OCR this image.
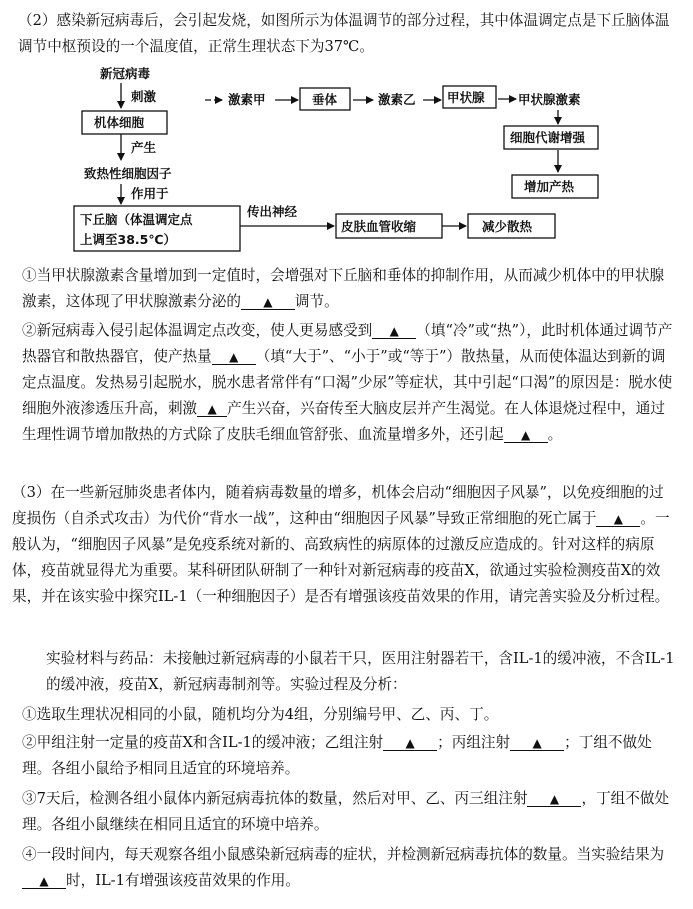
（2）感染新冠病毒后，会引起发烧，如图所示为体温调节的部分过程，其中体温调定点是下丘脑体温调节中枢预设的一个温度值，正常生理状态下为37℃。

新冠病毒
刺激
机体细胞
产生
致热性细胞因子
作用于
下丘脑（体温调定点
上调至38.5℃）
激素甲	垂体	激素乙	甲状腺	甲状腺激素
细胞代谢增强
增加产热
传出神经
皮肤血管收缩	减少散热

①当甲状腺激素含量增加到一定值时，会增强对下丘脑和垂体的抑制作用，从而减少机体中的甲状腺激素，这体现了甲状腺激素分泌的 ▲ 调节。

②新冠病毒入侵引起体温调定点改变，使人更易感受到 ▲ （填“冷”或“热”），此时机体通过调节产热器官和散热器官，使产热量 ▲ （填“大于”、“小于”或“等于”）散热量，从而使体温达到新的调定点温度。发热易引起脱水，脱水患者常伴有“口渴”少尿”等症状，其中引起“口渴”的原因是：脱水使细胞外液渗透压升高，刺激 ▲ 产生兴奋，兴奋传至大脑皮层并产生渴觉。在人体退烧过程中，通过生理性调节增加散热的方式除了皮肤毛细血管舒张、血流量增多外，还引起 ▲ 。

（3）在一些新冠肺炎患者体内，随着病毒数量的增多，机体会启动“细胞因子风暴”，以免疫细胞的过度损伤（自杀式攻击）为代价“背水一战”，这种由“细胞因子风暴”导致正常细胞的死亡属于 ▲ 。一般认为，“细胞因子风暴”是免疫系统对新的、高致病性的病原体的过激反应造成的。针对这样的病原体，疫苗就显得尤为重要。某科研团队研制了一种针对新冠病毒的疫苗X，欲通过实验检测疫苗X的效果，并在该实验中探究IL-1（一种细胞因子）是否有增强该疫苗效果的作用，请完善实验及分析过程。

实验材料与药品：未接触过新冠病毒的小鼠若干只，医用注射器若干，含IL-1的缓冲液，不含IL-1的缓冲液，疫苗X，新冠病毒制剂等。实验过程及分析：

①选取生理状况相同的小鼠，随机均分为4组，分别编号甲、乙、丙、丁。

②甲组注射一定量的疫苗X和含IL-1的缓冲液；乙组注射 ▲ ；丙组注射 ▲ ；丁组不做处理。各组小鼠给予相同且适宜的环境培养。

③7天后，检测各组小鼠体内新冠病毒抗体的数量，然后对甲、乙、丙三组注射 ▲ ，丁组不做处理。各组小鼠继续在相同且适宜的环境中培养。

④一段时间内，每天观察各组小鼠感染新冠病毒的症状，并检测新冠病毒抗体的数量。当实验结果为▲ 时，IL-1有增强该疫苗效果的作用。
